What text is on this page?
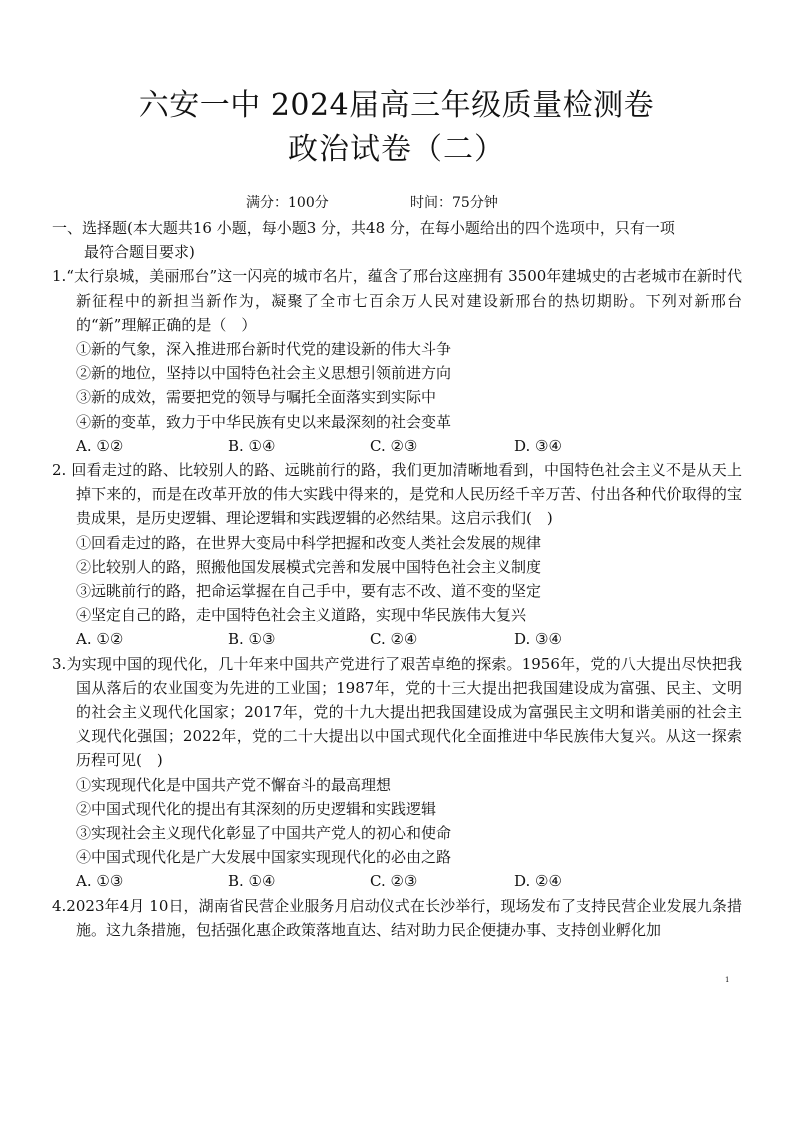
六安一中 2024届高三年级质量检测卷
政治试卷（二）
满分：100分	时间：75分钟

一、选择题(本大题共16 小题，每小题3 分，共48 分，在每小题给出的四个选项中，只有一项
最符合题目要求)

1.“太行泉城，美丽邢台”这一闪亮的城市名片，蕴含了邢台这座拥有 3500年建城史的古老城市在新时代新征程中的新担当新作为，凝聚了全市七百余万人民对建设新邢台的热切期盼。下列对新邢台的“新”理解正确的是（　）
①新的气象，深入推进邢台新时代党的建设新的伟大斗争
②新的地位，坚持以中国特色社会主义思想引领前进方向
③新的成效，需要把党的领导与嘱托全面落实到实际中
④新的变革，致力于中华民族有史以来最深刻的社会变革
A. ①②	B. ①④	C. ②③	D. ③④
2. 回看走过的路、比较别人的路、远眺前行的路，我们更加清晰地看到，中国特色社会主义不是从天上掉下来的，而是在改革开放的伟大实践中得来的，是党和人民历经千辛万苦、付出各种代价取得的宝贵成果，是历史逻辑、理论逻辑和实践逻辑的必然结果。这启示我们(　)
①回看走过的路，在世界大变局中科学把握和改变人类社会发展的规律
②比较别人的路，照搬他国发展模式完善和发展中国特色社会主义制度
③远眺前行的路，把命运掌握在自己手中，要有志不改、道不变的坚定
④坚定自己的路，走中国特色社会主义道路，实现中华民族伟大复兴
A. ①②	B. ①③	C. ②④	D. ③④
3.为实现中国的现代化，几十年来中国共产党进行了艰苦卓绝的探索。1956年，党的八大提出尽快把我国从落后的农业国变为先进的工业国；1987年，党的十三大提出把我国建设成为富强、民主、文明的社会主义现代化国家；2017年，党的十九大提出把我国建设成为富强民主文明和谐美丽的社会主义现代化强国；2022年，党的二十大提出以中国式现代化全面推进中华民族伟大复兴。从这一探索历程可见(　)
①实现现代化是中国共产党不懈奋斗的最高理想
②中国式现代化的提出有其深刻的历史逻辑和实践逻辑
③实现社会主义现代化彰显了中国共产党人的初心和使命
④中国式现代化是广大发展中国家实现现代化的必由之路
A. ①③	B. ①④	C. ②③	D. ②④
4.2023年4月 10日，湖南省民营企业服务月启动仪式在长沙举行，现场发布了支持民营企业发展九条措施。这九条措施，包括强化惠企政策落地直达、结对助力民企便捷办事、支持创业孵化加
1
